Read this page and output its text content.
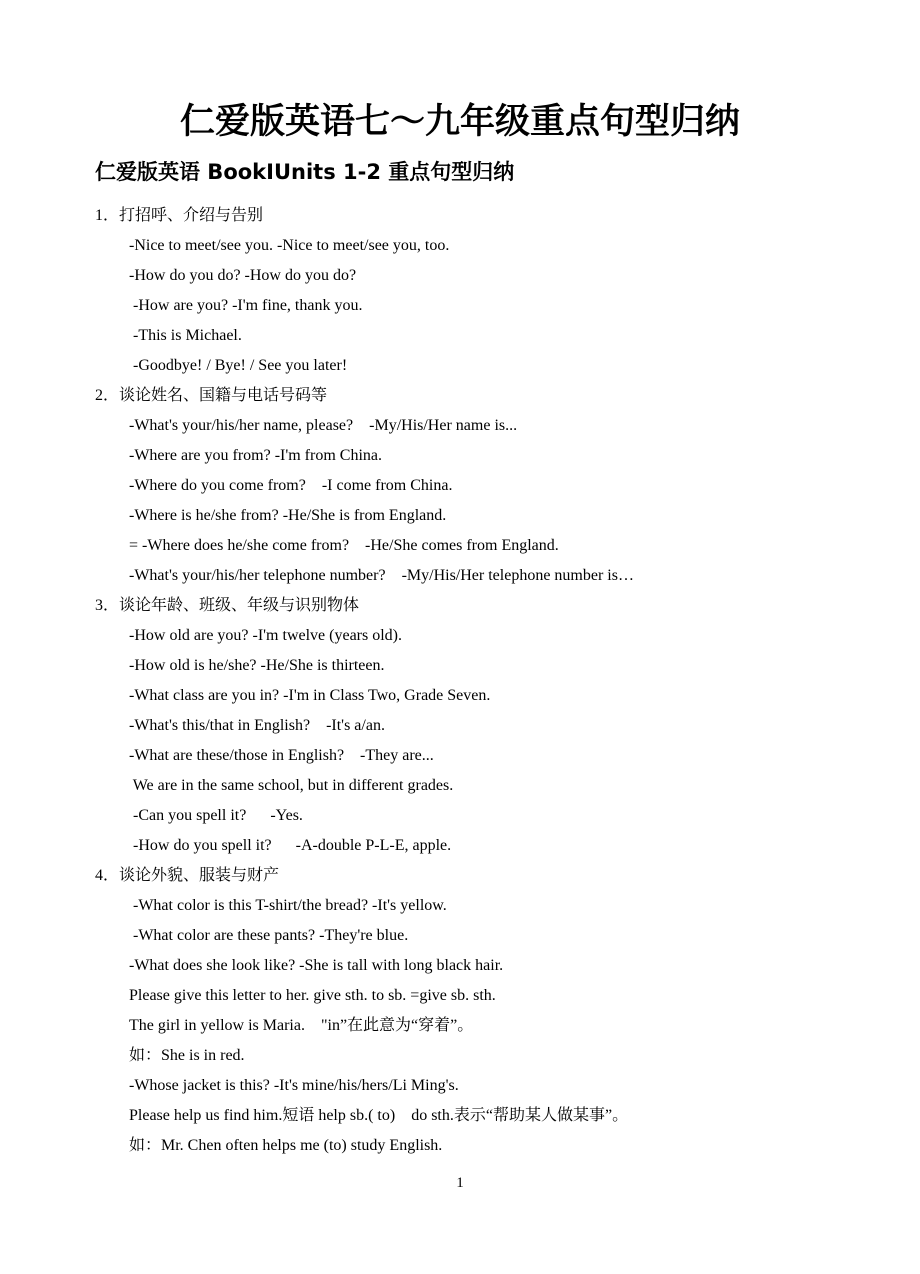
仁爱版英语七～九年级重点句型归纳
仁爱版英语 BookⅠUnits 1-2 重点句型归纳
1．打招呼、介绍与告别
-Nice to meet/see you. -Nice to meet/see you, too.
-How do you do? -How do you do?
-How are you? -I'm fine, thank you.
-This is Michael.
-Goodbye! / Bye! / See you later!
2．谈论姓名、国籍与电话号码等
-What's your/his/her name, please?    -My/His/Her name is...
-Where are you from? -I'm from China.
-Where do you come from?    -I come from China.
-Where is he/she from? -He/She is from England.
= -Where does he/she come from?    -He/She comes from England.
-What's your/his/her telephone number?    -My/His/Her telephone number is…
3．谈论年龄、班级、年级与识别物体
-How old are you? -I'm twelve (years old).
-How old is he/she? -He/She is thirteen.
-What class are you in? -I'm in Class Two, Grade Seven.
-What's this/that in English?    -It's a/an.
-What are these/those in English?    -They are...
We are in the same school, but in different grades.
-Can you spell it?      -Yes.
-How do you spell it?      -A-double P-L-E, apple.
4．谈论外貌、服装与财产
-What color is this T-shirt/the bread? -It's yellow.
-What color are these pants? -They're blue.
-What does she look like? -She is tall with long black hair.
Please give this letter to her. give sth. to sb. =give sb. sth.
The girl in yellow is Maria.    "in”在此意为“穿着”。
如：She is in red.
-Whose jacket is this? -It's mine/his/hers/Li Ming's.
Please help us find him.短语 help sb.( to)    do sth.表示“帮助某人做某事”。
如：Mr. Chen often helps me (to) study English.
1
